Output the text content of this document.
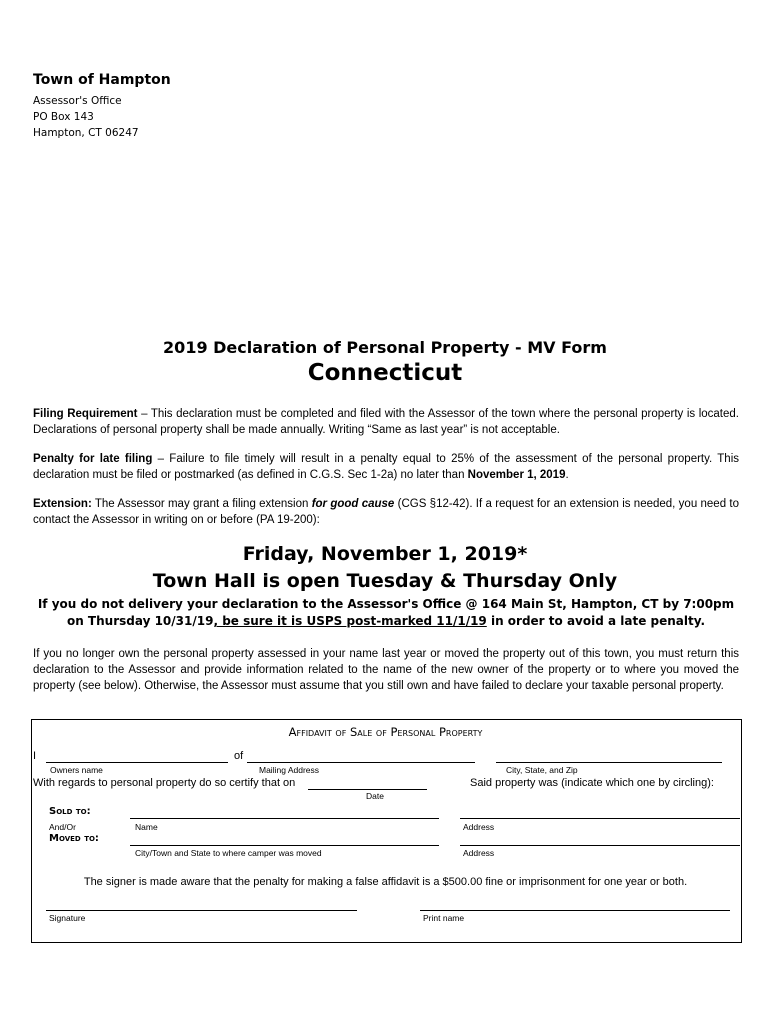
Town of Hampton
Assessor's Office
PO Box 143
Hampton, CT 06247
2019 Declaration of Personal Property - MV Form
Connecticut
Filing Requirement – This declaration must be completed and filed with the Assessor of the town where the personal property is located. Declarations of personal property shall be made annually. Writing “Same as last year” is not acceptable.
Penalty for late filing – Failure to file timely will result in a penalty equal to 25% of the assessment of the personal property. This declaration must be filed or postmarked (as defined in C.G.S. Sec 1-2a) no later than November 1, 2019.
Extension: The Assessor may grant a filing extension for good cause (CGS §12-42). If a request for an extension is needed, you need to contact the Assessor in writing on or before (PA 19-200):
Friday, November 1, 2019*
Town Hall is open Tuesday & Thursday Only
If you do not delivery your declaration to the Assessor's Office @ 164 Main St, Hampton, CT by 7:00pm on Thursday 10/31/19, be sure it is USPS post-marked 11/1/19 in order to avoid a late penalty.
If you no longer own the personal property assessed in your name last year or moved the property out of this town, you must return this declaration to the Assessor and provide information related to the name of the new owner of the property or to where you moved the property (see below). Otherwise, the Assessor must assume that you still own and have failed to declare your taxable personal property.
Affidavit of Sale of Personal Property
I	of
Owners name	Mailing Address	City, State, and Zip
With regards to personal property do so certify that on	Said property was (indicate which one by circling):
Date
Sold to:
And/Or	Name	Address
Moved to:
City/Town and State to where camper was moved	Address
The signer is made aware that the penalty for making a false affidavit is a $500.00 fine or imprisonment for one year or both.
Signature	Print name
